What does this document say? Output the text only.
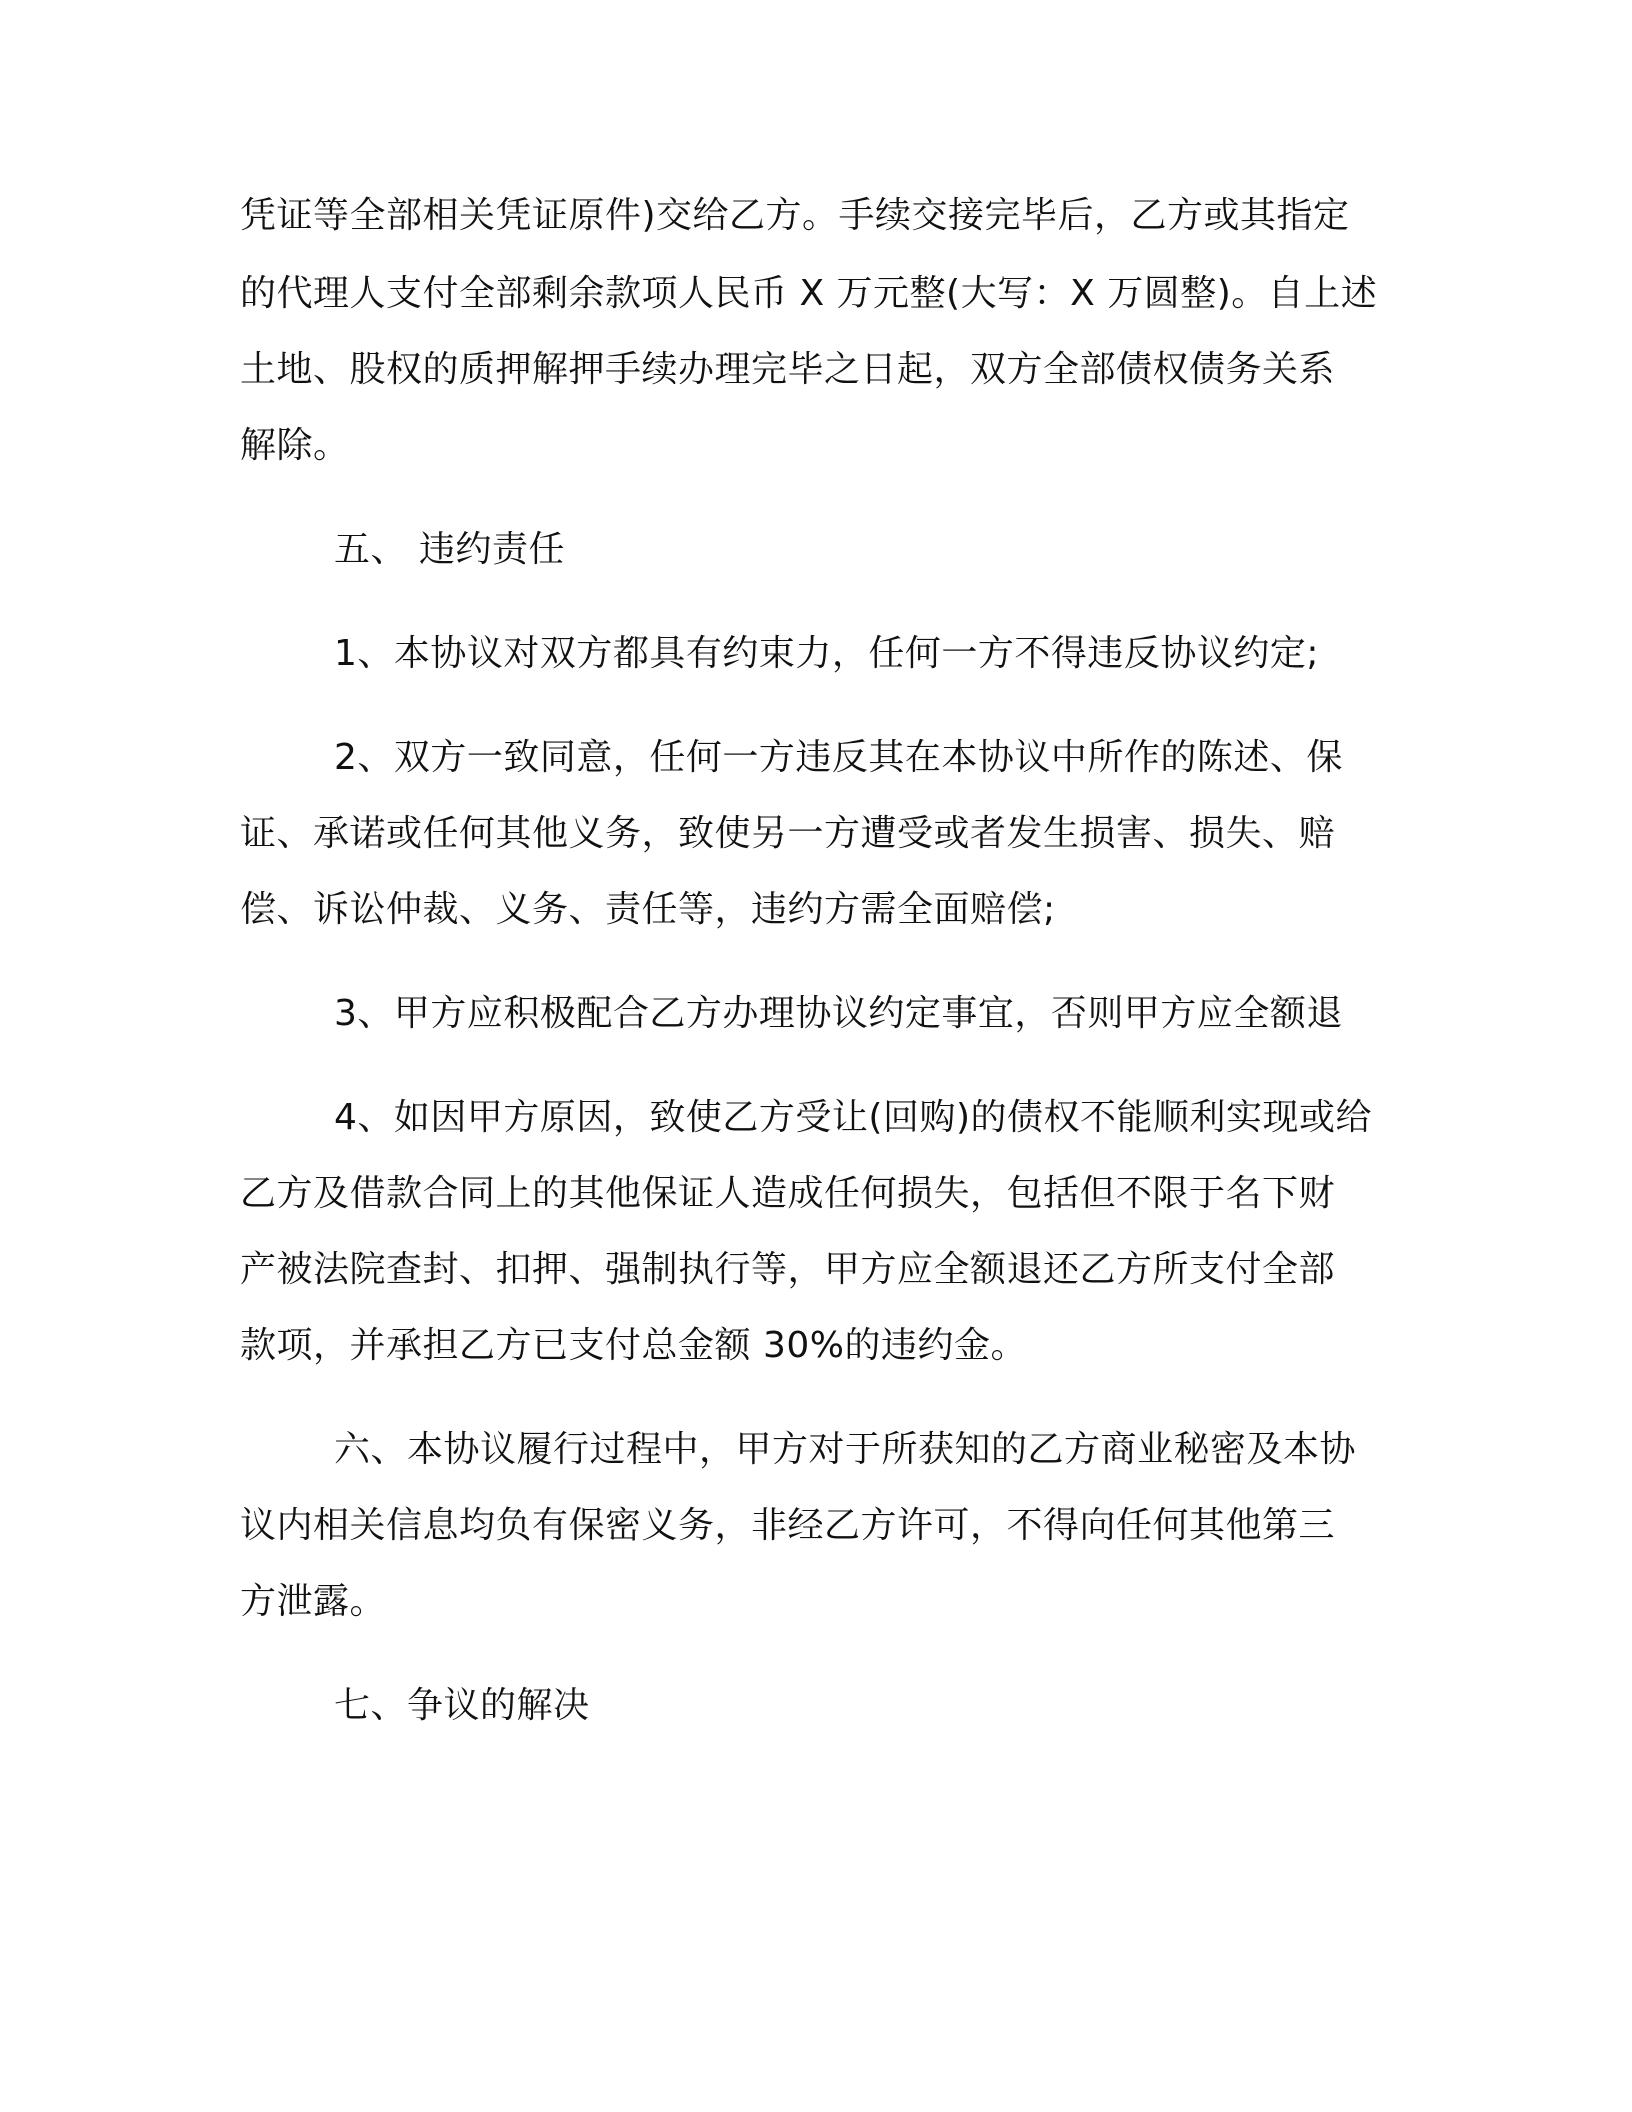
凭证等全部相关凭证原件)交给乙方。手续交接完毕后，乙方或其指定

的代理人支付全部剩余款项人民币 X 万元整(大写：X 万圆整)。自上述

土地、股权的质押解押手续办理完毕之日起，双方全部债权债务关系

解除。

五、 违约责任

1、本协议对双方都具有约束力，任何一方不得违反协议约定;

2、双方一致同意，任何一方违反其在本协议中所作的陈述、保

证、承诺或任何其他义务，致使另一方遭受或者发生损害、损失、赔

偿、诉讼仲裁、义务、责任等，违约方需全面赔偿;

3、甲方应积极配合乙方办理协议约定事宜，否则甲方应全额退

4、如因甲方原因，致使乙方受让(回购)的债权不能顺利实现或给

乙方及借款合同上的其他保证人造成任何损失，包括但不限于名下财

产被法院查封、扣押、强制执行等，甲方应全额退还乙方所支付全部

款项，并承担乙方已支付总金额 30%的违约金。

六、本协议履行过程中，甲方对于所获知的乙方商业秘密及本协

议内相关信息均负有保密义务，非经乙方许可，不得向任何其他第三

方泄露。

七、争议的解决
